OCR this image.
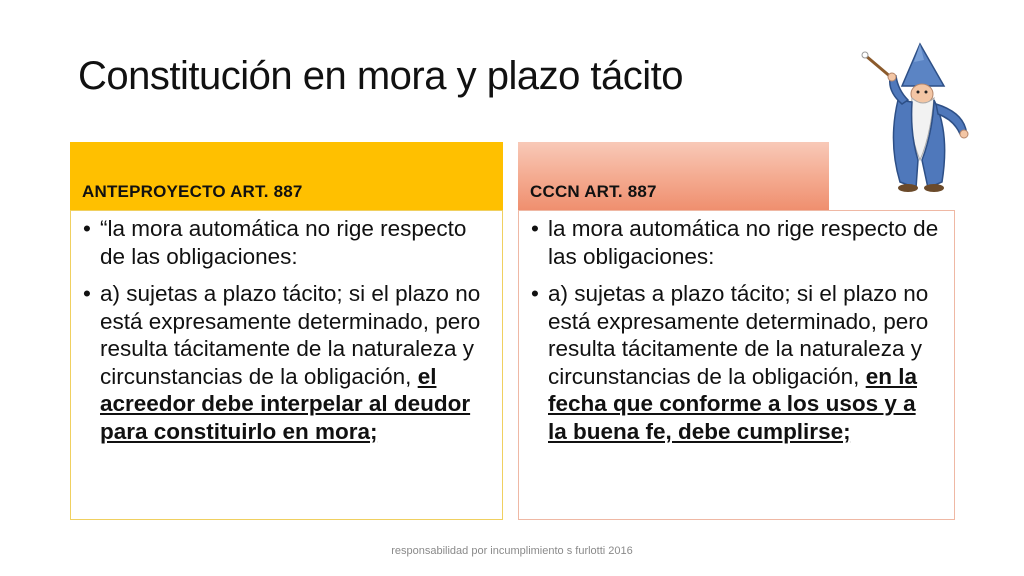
Constitución en mora y plazo tácito
ANTEPROYECTO ART. 887
• “la mora automática no rige respecto de las obligaciones:
• a) sujetas a plazo tácito; si el plazo no está expresamente determinado, pero resulta tácitamente de la naturaleza y circunstancias de la obligación, el acreedor debe interpelar al deudor para constituirlo en mora;
CCCN ART. 887
• la mora automática no rige respecto de las obligaciones:
• a) sujetas a plazo tácito; si el plazo no está expresamente determinado, pero resulta tácitamente de la naturaleza y circunstancias de la obligación, en la fecha que conforme a los usos y a la buena fe, debe cumplirse;
responsabilidad por incumplimiento s furlotti 2016
